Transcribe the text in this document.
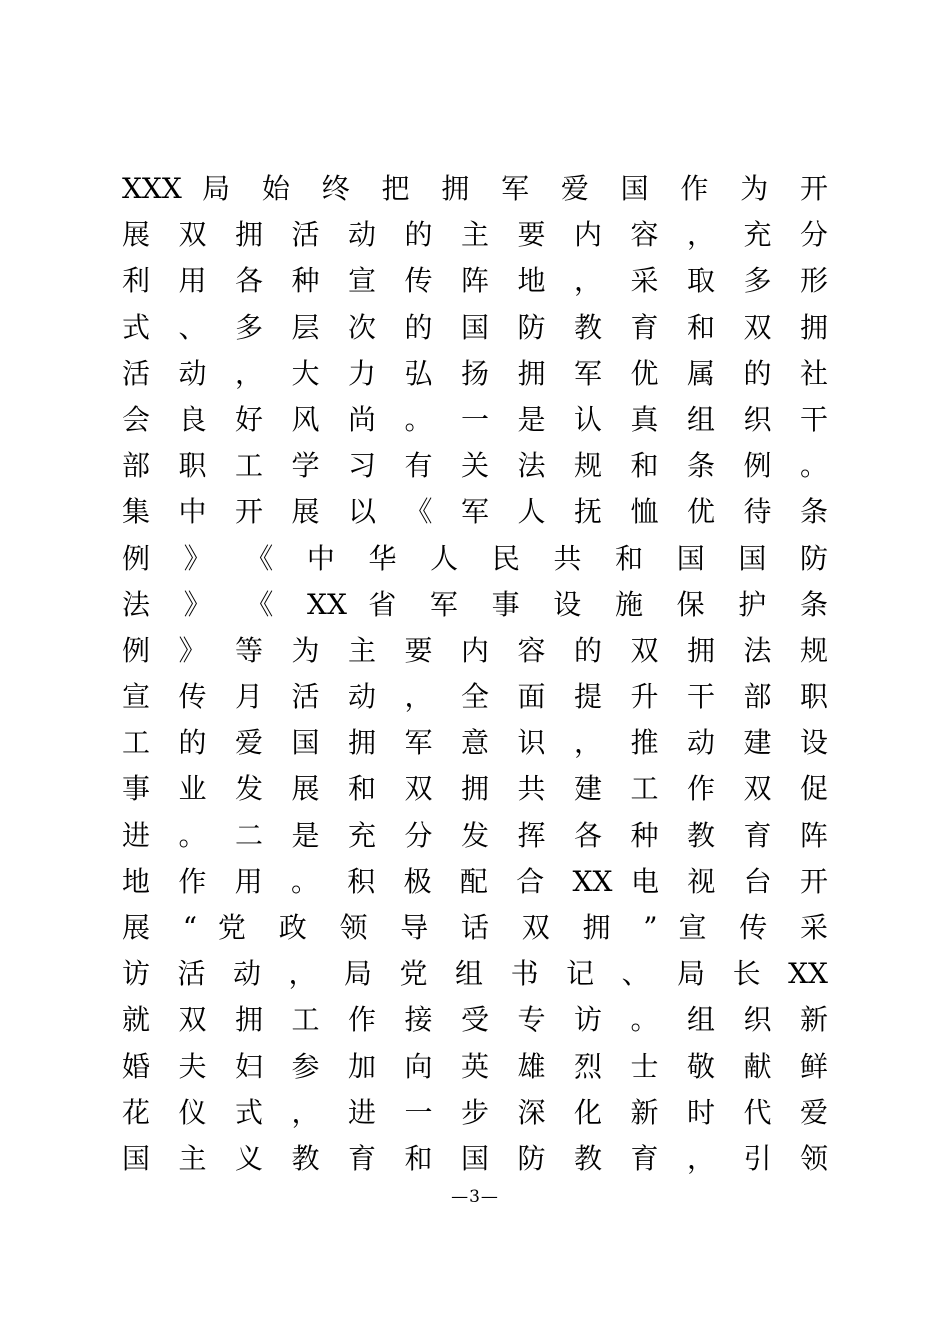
XXX 局 始 终 把 拥 军 爱 国 作 为 开
展 双 拥 活 动 的 主 要 内 容 ， 充 分
利 用 各 种 宣 传 阵 地 ， 采 取 多 形
式 、 多 层 次 的 国 防 教 育 和 双 拥
活 动 ， 大 力 弘 扬 拥 军 优 属 的 社
会 良 好 风 尚 。 一 是 认 真 组 织 干
部 职 工 学 习 有 关 法 规 和 条 例 。
集 中 开 展 以 《 军 人 抚 恤 优 待 条
例 》 《 中 华 人 民 共 和 国 国 防
法 》 《 XX 省 军 事 设 施 保 护 条
例 》 等 为 主 要 内 容 的 双 拥 法 规
宣 传 月 活 动 ， 全 面 提 升 干 部 职
工 的 爱 国 拥 军 意 识 ， 推 动 建 设
事 业 发 展 和 双 拥 共 建 工 作 双 促
进 。 二 是 充 分 发 挥 各 种 教 育 阵
地 作 用 。 积 极 配 合 XX 电 视 台 开
展 “ 党 政 领 导 话 双 拥 ” 宣 传 采
访 活 动 ， 局 党 组 书 记 、 局 长 XX
就 双 拥 工 作 接 受 专 访 。 组 织 新
婚 夫 妇 参 加 向 英 雄 烈 士 敬 献 鲜
花 仪 式 ， 进 一 步 深 化 新 时 代 爱
国 主 义 教 育 和 国 防 教 育 ， 引 领
—3—
